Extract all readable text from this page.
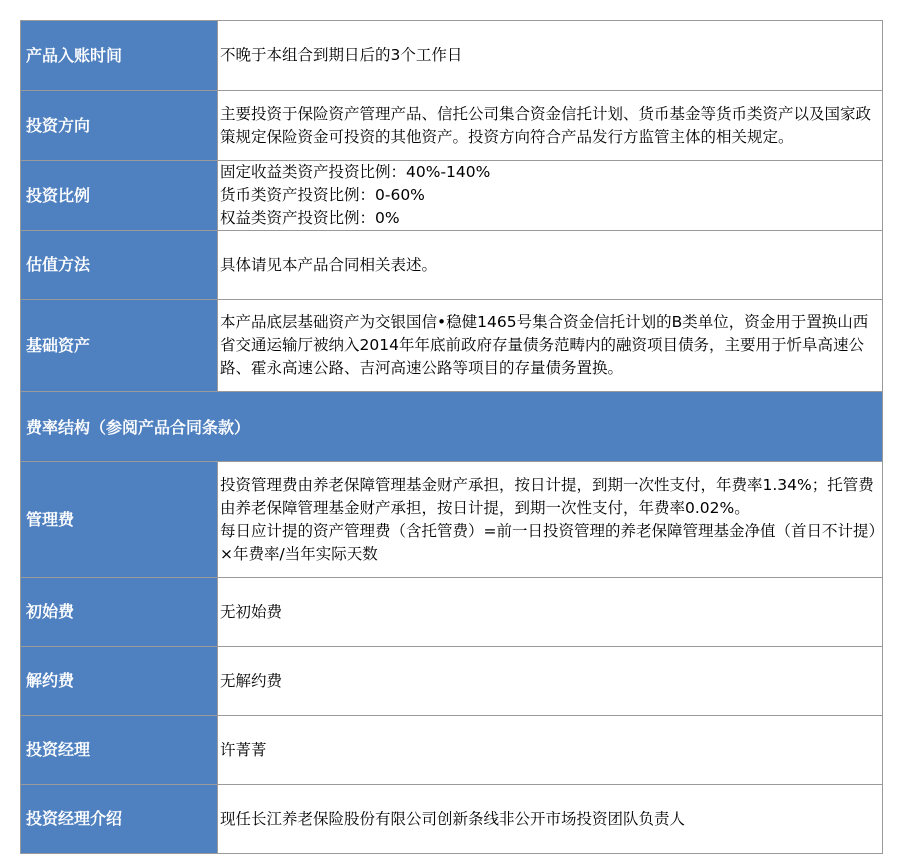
产品入账时间	不晚于本组合到期日后的3个工作日
投资方向	主要投资于保险资产管理产品、信托公司集合资金信托计划、货币基金等货币类资产以及国家政策规定保险资金可投资的其他资产。投资方向符合产品发行方监管主体的相关规定。
投资比例	固定收益类资产投资比例：40%-140%
货币类资产投资比例：0-60%
权益类资产投资比例：0%

估值方法	具体请见本产品合同相关表述。
基础资产	本产品底层基础资产为交银国信•稳健1465号集合资金信托计划的B类单位，资金用于置换山西省交通运输厅被纳入2014年年底前政府存量债务范畴内的融资项目债务，主要用于忻阜高速公路、霍永高速公路、吉河高速公路等项目的存量债务置换。
费率结构（参阅产品合同条款）	
管理费	投资管理费由养老保障管理基金财产承担，按日计提，到期一次性支付，年费率1.34%；托管费由养老保障管理基金财产承担，按日计提，到期一次性支付，年费率0.02%。
每日应计提的资产管理费（含托管费）=前一日投资管理的养老保障管理基金净值（首日不计提）×年费率/当年实际天数

初始费	无初始费
解约费	无解约费
投资经理	许菁菁
投资经理介绍	现任长江养老保险股份有限公司创新条线非公开市场投资团队负责人
